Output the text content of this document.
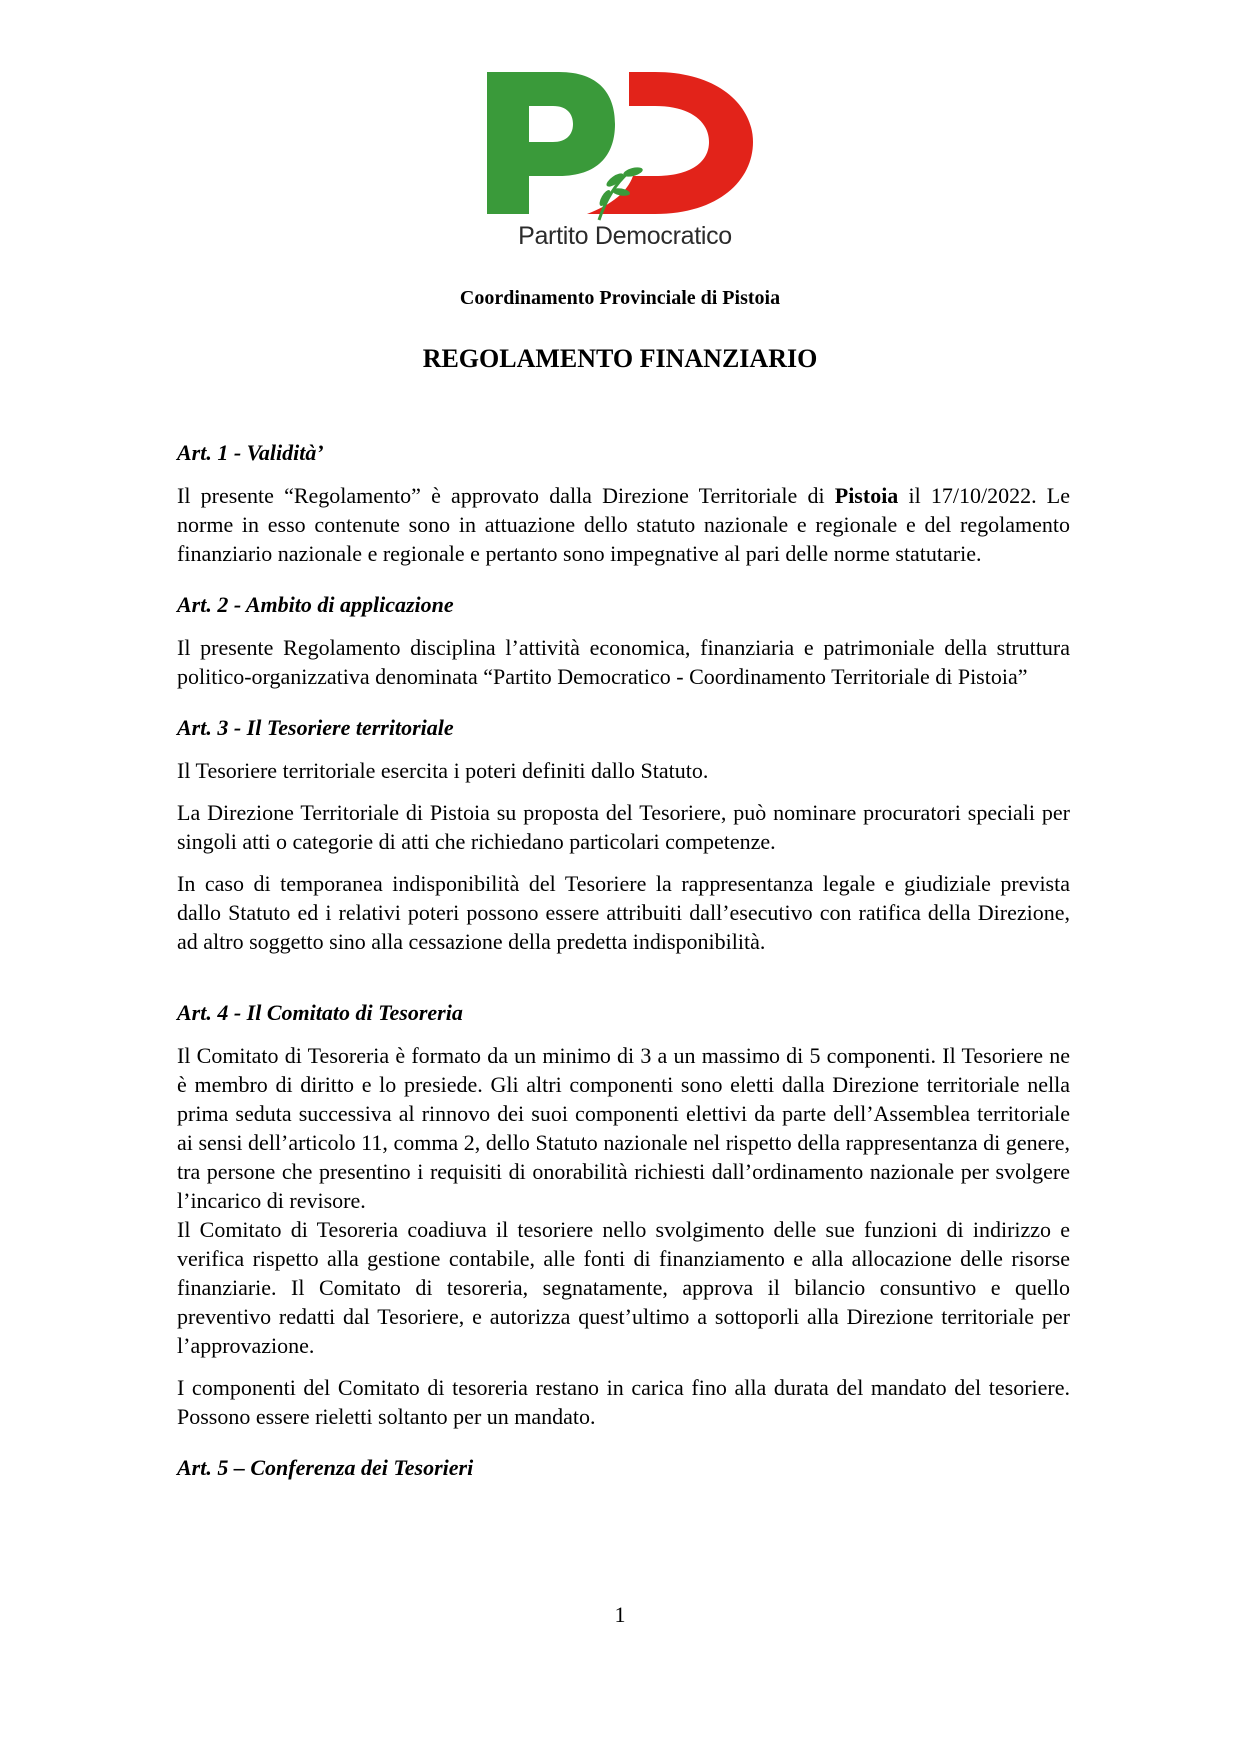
Partito Democratico
Coordinamento Provinciale di Pistoia
REGOLAMENTO FINANZIARIO
Art. 1 - Validità’

Il presente “Regolamento” è approvato dalla Direzione Territoriale di Pistoia il 17/10/2022. Le norme in esso contenute sono in attuazione dello statuto nazionale e regionale e del regolamento finanziario nazionale e regionale e pertanto sono impegnative al pari delle norme statutarie.

Art. 2 - Ambito di applicazione

Il presente Regolamento disciplina l’attività economica, finanziaria e patrimoniale della struttura politico-organizzativa denominata “Partito Democratico - Coordinamento Territoriale di Pistoia”

Art. 3 - Il Tesoriere territoriale

Il Tesoriere territoriale esercita i poteri definiti dallo Statuto.

La Direzione Territoriale di Pistoia su proposta del Tesoriere, può nominare procuratori speciali per singoli atti o categorie di atti che richiedano particolari competenze.

In caso di temporanea indisponibilità del Tesoriere la rappresentanza legale e giudiziale prevista dallo Statuto ed i relativi poteri possono essere attribuiti dall’esecutivo con ratifica della Direzione, ad altro soggetto sino alla cessazione della predetta indisponibilità.

Art. 4 - Il Comitato di Tesoreria

Il Comitato di Tesoreria è formato da un minimo di 3 a un massimo di 5 componenti. Il Tesoriere ne è membro di diritto e lo presiede. Gli altri componenti sono eletti dalla Direzione territoriale nella prima seduta successiva al rinnovo dei suoi componenti elettivi da parte dell’Assemblea territoriale ai sensi dell’articolo 11, comma 2, dello Statuto nazionale nel rispetto della rappresentanza di genere, tra persone che presentino i requisiti di onorabilità richiesti dall’ordinamento nazionale per svolgere l’incarico di revisore.

Il Comitato di Tesoreria coadiuva il tesoriere nello svolgimento delle sue funzioni di indirizzo e verifica rispetto alla gestione contabile, alle fonti di finanziamento e alla allocazione delle risorse finanziarie. Il Comitato di tesoreria, segnatamente, approva il bilancio consuntivo e quello preventivo redatti dal Tesoriere, e autorizza quest’ultimo a sottoporli alla Direzione territoriale per l’approvazione.

I componenti del Comitato di tesoreria restano in carica fino alla durata del mandato del tesoriere. Possono essere rieletti soltanto per un mandato.

Art. 5 – Conferenza dei Tesorieri
1
